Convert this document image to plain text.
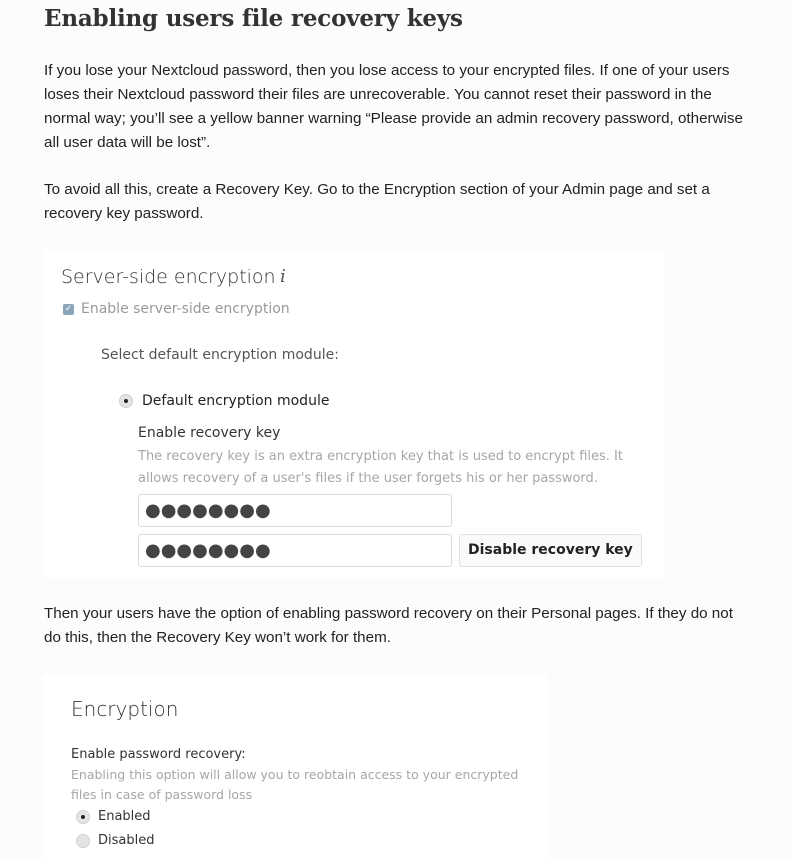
Enabling users file recovery keys

If you lose your Nextcloud password, then you lose access to your encrypted files. If one of your users loses their Nextcloud password their files are unrecoverable. You cannot reset their password in the normal way; you’ll see a yellow banner warning “Please provide an admin recovery password, otherwise all user data will be lost”.

To avoid all this, create a Recovery Key. Go to the Encryption section of your Admin page and set a recovery key password.

Server-side encryption i
✓ Enable server-side encryption
Select default encryption module:
Default encryption module
Enable recovery key
The recovery key is an extra encryption key that is used to encrypt files. It allows recovery of a user's files if the user forgets his or her password.
●●●●●●●●
●●●●●●●●	Disable recovery key

Then your users have the option of enabling password recovery on their Personal pages. If they do not do this, then the Recovery Key won’t work for them.

Encryption
Enable password recovery:
Enabling this option will allow you to reobtain access to your encrypted files in case of password loss
Enabled
Disabled
